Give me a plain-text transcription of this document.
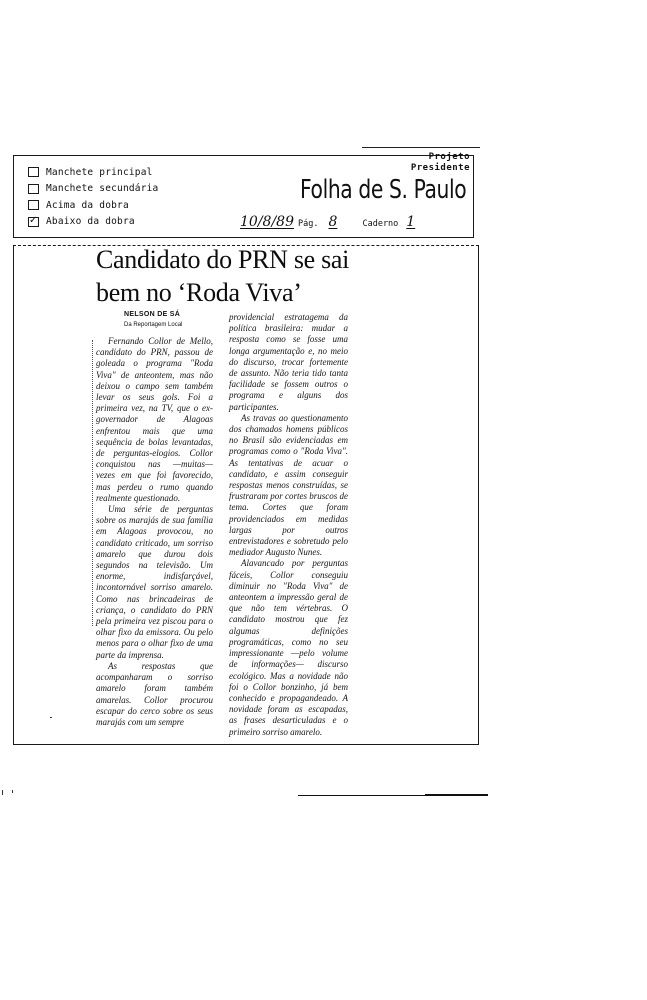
Manchete principal
Manchete secundária
Acima da dobra
✓ Abaixo da dobra
Projeto
Presidente
Folha de S. Paulo
10/8/89 Pág. 8	Caderno 1
Candidato do PRN se sai bem no ‘Roda Viva’
NELSON DE SÁ
Da Reportagem Local

Fernando Collor de Mello, candidato do PRN, passou de goleada o programa "Roda Viva" de anteontem, mas não deixou o campo sem também levar os seus gols. Foi a primeira vez, na TV, que o ex-governador de Alagoas enfrentou mais que uma sequência de bolas levantadas, de perguntas-elogios. Collor conquistou nas —muitas— vezes em que foi favorecido, mas perdeu o rumo quando realmente questionado.

Uma série de perguntas sobre os marajás de sua família em Alagoas provocou, no candidato criticado, um sorriso amarelo que durou dois segundos na televisão. Um enorme, indisfarçável, incontornável sorriso amarelo. Como nas brincadeiras de criança, o candidato do PRN pela primeira vez piscou para o olhar fixo da emissora. Ou pelo menos para o olhar fixo de uma parte da imprensa.

As respostas que acompanharam o sorriso amarelo foram também amarelas. Collor procurou escapar do cerco sobre os seus marajás com um sempre

providencial estratagema da política brasileira: mudar a resposta como se fosse uma longa argumentação e, no meio do discurso, trocar fortemente de assunto. Não teria tido tanta facilidade se fossem outros o programa e alguns dos participantes.

As travas ao questionamento dos chamados homens públicos no Brasil são evidenciadas em programas como o "Roda Viva". As tentativas de acuar o candidato, e assim conseguir respostas menos construídas, se frustraram por cortes bruscos de tema. Cortes que foram providenciados em medidas largas por outros entrevistadores e sobretudo pelo mediador Augusto Nunes.

Alavancado por perguntas fáceis, Collor conseguiu diminuir no "Roda Viva" de anteontem a impressão geral de que não tem vértebras. O candidato mostrou que fez algumas definições programáticas, como no seu impressionante —pelo volume de informações— discurso ecológico. Mas a novidade não foi o Collor bonzinho, já bem conhecido e propagandeado. A novidade foram as escapadas, as frases desarticuladas e o primeiro sorriso amarelo.
